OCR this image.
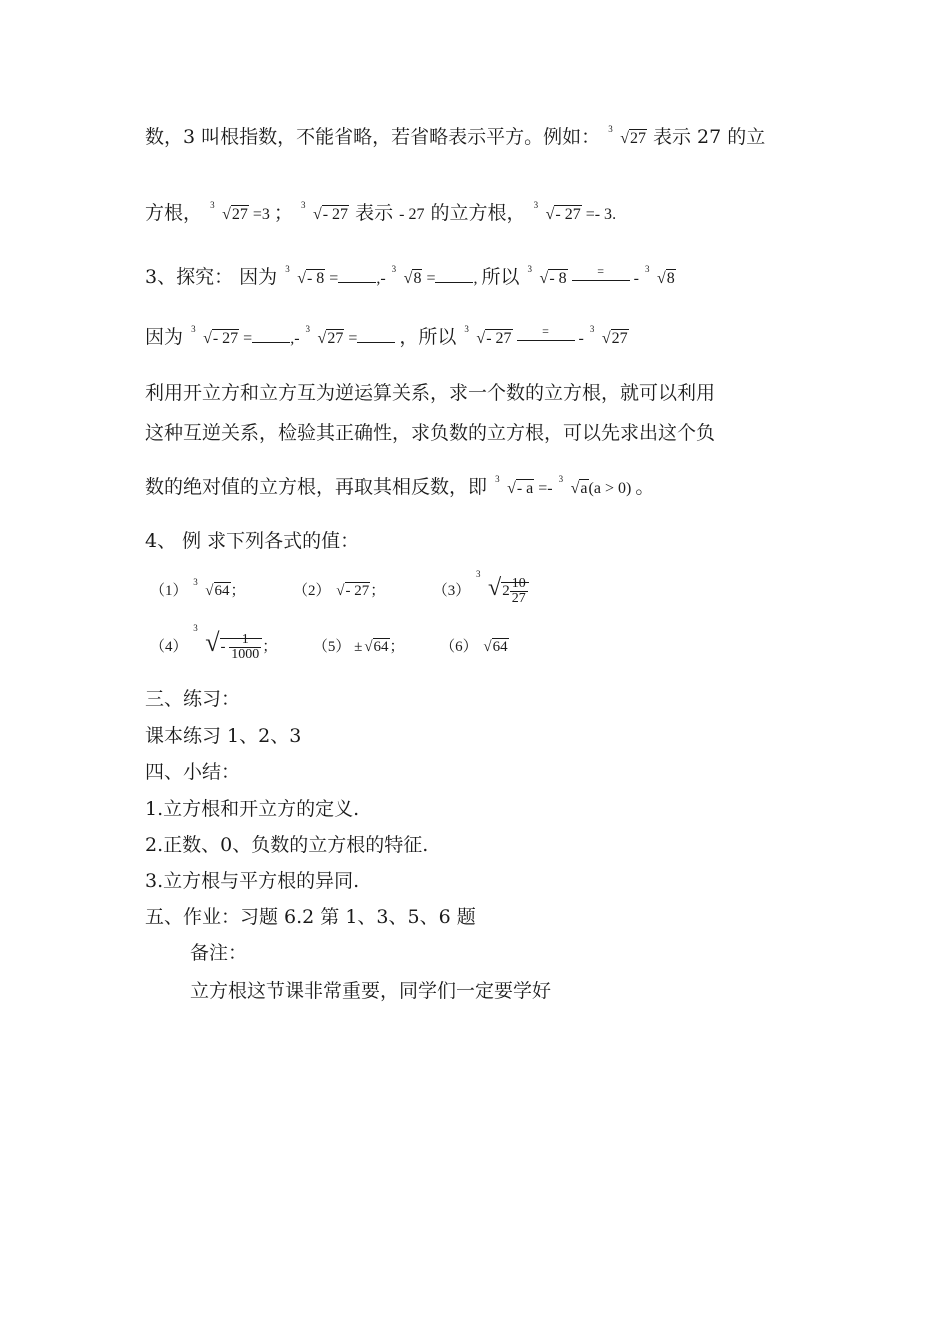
数，3 叫根指数，不能省略，若省略表示平方。例如： 3
√27 表示 27 的立
方根， 3
√27 =3 ； 3
√- 27 表示 - 27 的立方根， 3
√- 27 =- 3.
3、探究： 因为 3
√- 8 = ,-
3
√8 = , 所以 3
√- 8	= -
3
√8
因为 3
√- 27 = ,-
3
√27 = ，所以 3
√- 27	= -
3
√27
利用开立方和立方互为逆运算关系，求一个数的立方根，就可以利用
这种互逆关系，检验其正确性，求负数的立方根，可以先求出这个负
数的绝对值的立方根，再取其相反数，即 3
√- a =-
3
√a(a > 0) 。
4、 例 求下列各式的值：
（1）
3
√64；	（2） √- 27；	（3）
3
$√2 \frac{10}{27}$
（4）
3 √- $\frac{1}{1000}$ ； （5） ± √64； （6） √64
三、练习：
课本练习 1、2、3
四、小结：
1.立方根和开立方的定义.
2.正数、0、负数的立方根的特征.
3.立方根与平方根的异同.
五、作业：习题 6.2 第 1、3、5、6 题
备注：
立方根这节课非常重要，同学们一定要学好
